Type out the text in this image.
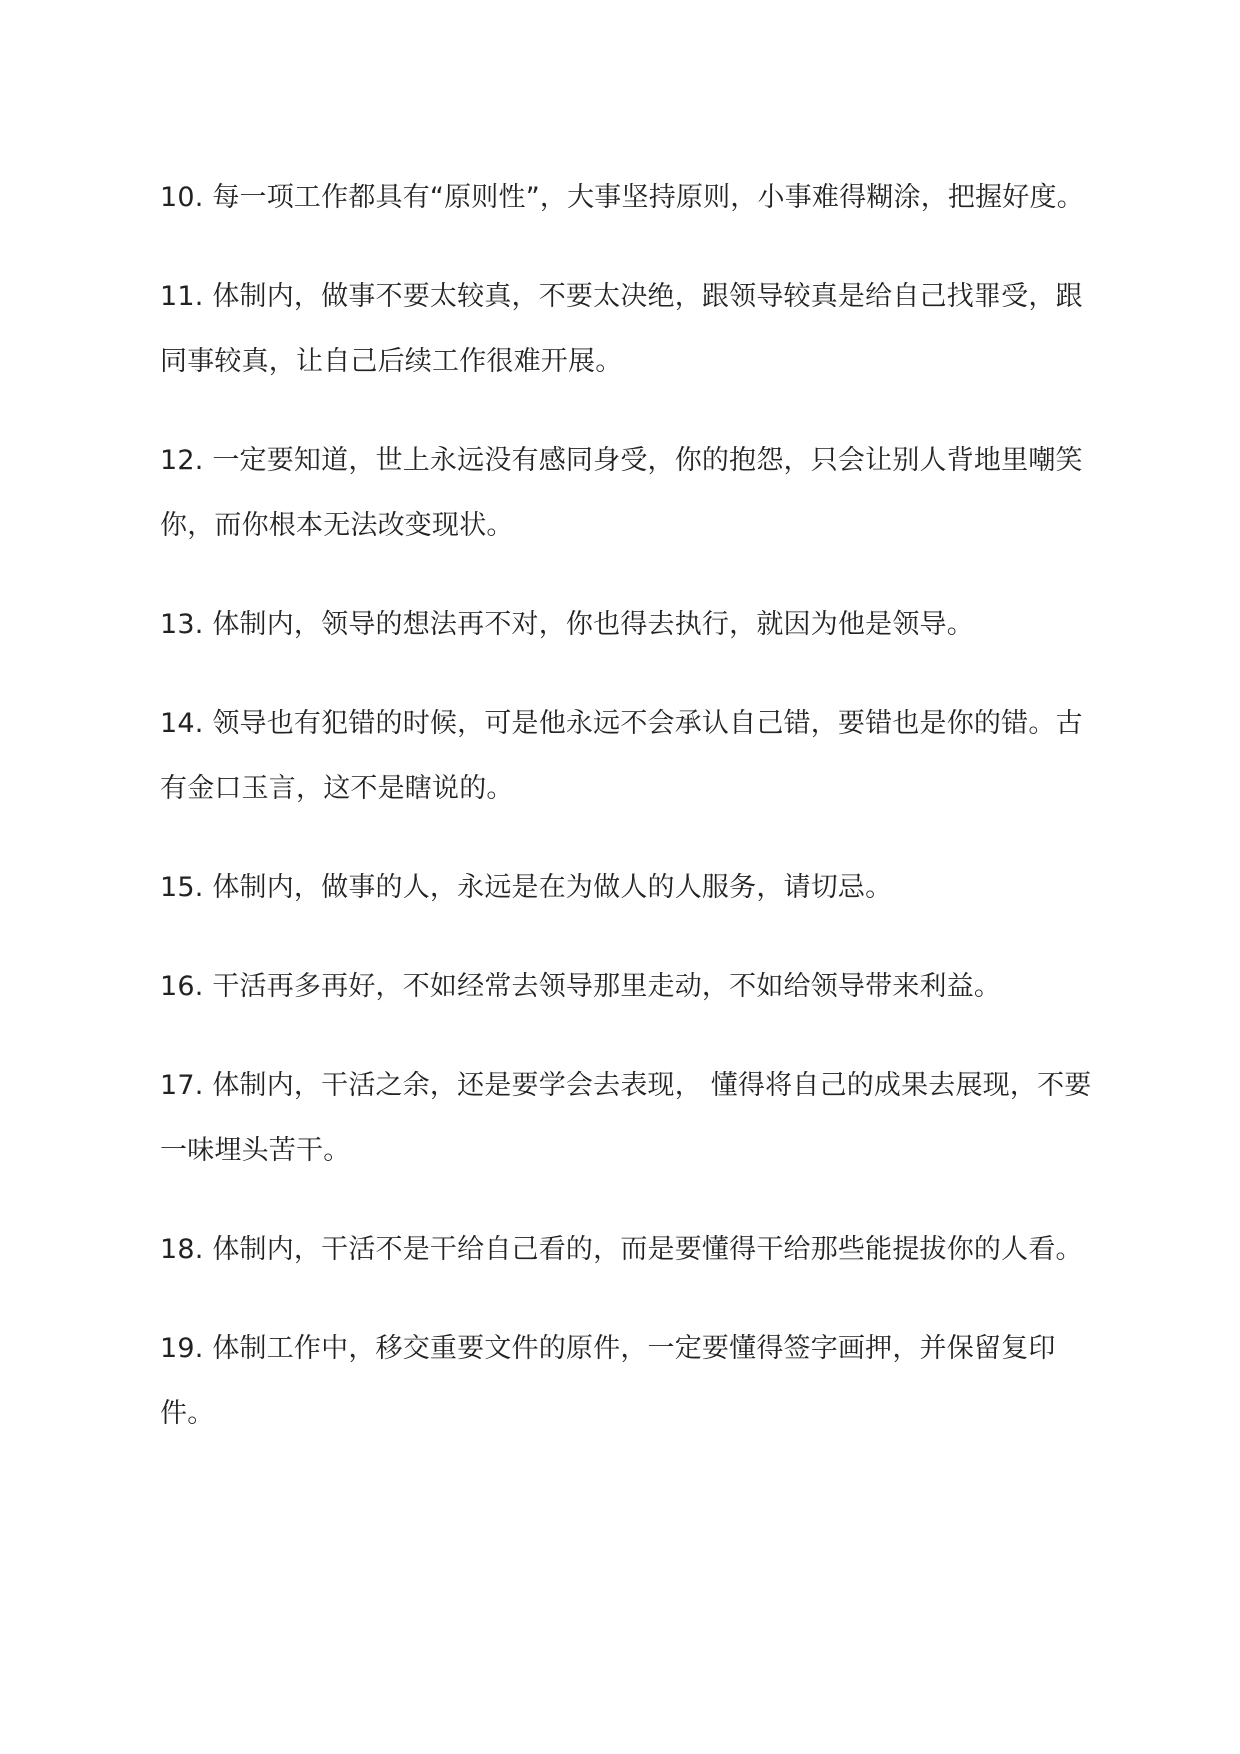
10. 每一项工作都具有“原则性”，大事坚持原则，小事难得糊涂，把握好度。

11. 体制内，做事不要太较真，不要太决绝，跟领导较真是给自己找罪受，跟同事较真，让自己后续工作很难开展。

12. 一定要知道，世上永远没有感同身受，你的抱怨，只会让别人背地里嘲笑你，而你根本无法改变现状。

13. 体制内，领导的想法再不对，你也得去执行，就因为他是领导。

14. 领导也有犯错的时候，可是他永远不会承认自己错，要错也是你的错。古有金口玉言，这不是瞎说的。

15. 体制内，做事的人，永远是在为做人的人服务，请切忌。

16. 干活再多再好，不如经常去领导那里走动，不如给领导带来利益。

17. 体制内，干活之余，还是要学会去表现， 懂得将自己的成果去展现，不要一味埋头苦干。

18. 体制内，干活不是干给自己看的，而是要懂得干给那些能提拔你的人看。

19. 体制工作中，移交重要文件的原件，一定要懂得签字画押，并保留复印件。
